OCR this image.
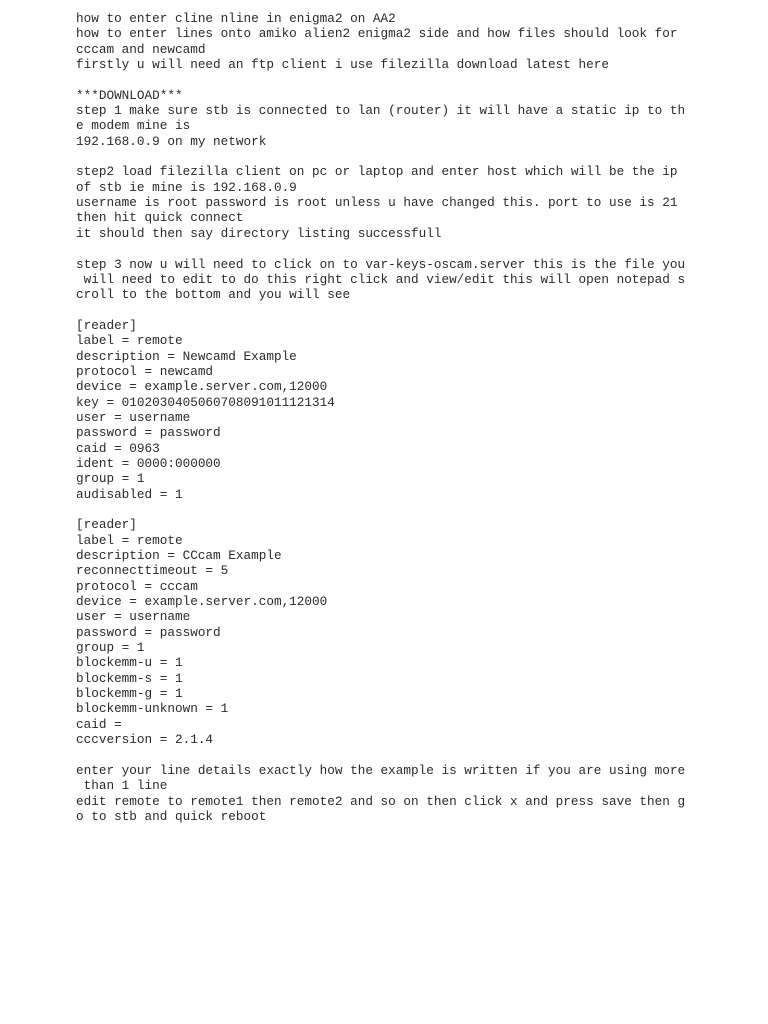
how to enter cline nline in enigma2 on AA2
how to enter lines onto amiko alien2 enigma2 side and how files should look for
cccam and newcamd
firstly u will need an ftp client i use filezilla download latest here
***DOWNLOAD***
step 1 make sure stb is connected to lan (router) it will have a static ip to th
e modem mine is
192.168.0.9 on my network
step2 load filezilla client on pc or laptop and enter host which will be the ip
of stb ie mine is 192.168.0.9
username is root password is root unless u have changed this. port to use is 21
then hit quick connect
it should then say directory listing successfull
step 3 now u will need to click on to var-keys-oscam.server this is the file you
will need to edit to do this right click and view/edit this will open notepad s
croll to the bottom and you will see
[reader]
label = remote
description = Newcamd Example
protocol = newcamd
device = example.server.com,12000
key = 0102030405060708091011121314
user = username
password = password
caid = 0963
ident = 0000:000000
group = 1
audisabled = 1
[reader]
label = remote
description = CCcam Example
reconnecttimeout = 5
protocol = cccam
device = example.server.com,12000
user = username
password = password
group = 1
blockemm-u = 1
blockemm-s = 1
blockemm-g = 1
blockemm-unknown = 1
caid =
cccversion = 2.1.4
enter your line details exactly how the example is written if you are using more
than 1 line
edit remote to remote1 then remote2 and so on then click x and press save then g
o to stb and quick reboot
